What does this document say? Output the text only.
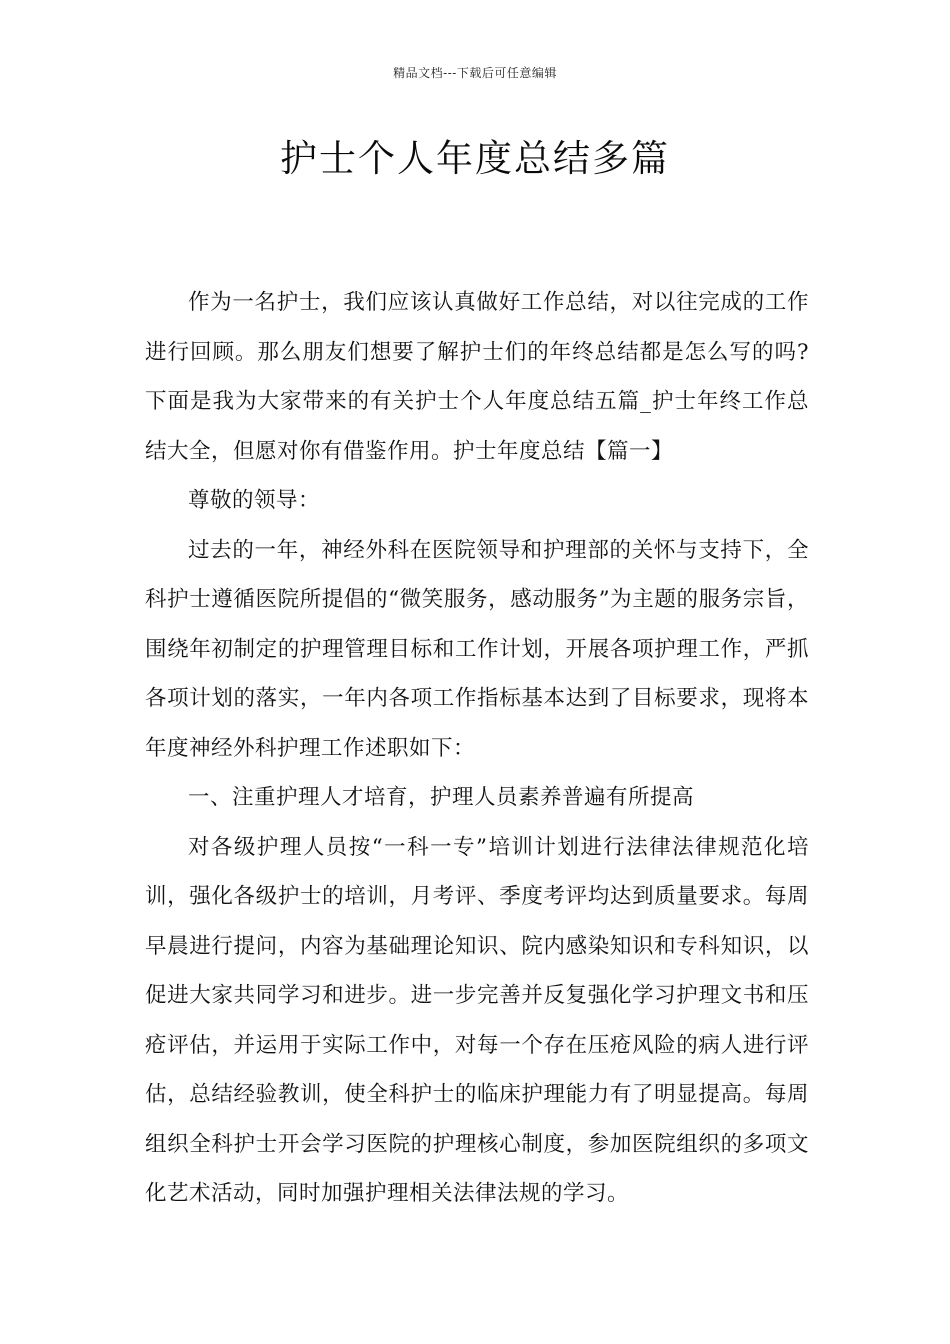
精品文档---下载后可任意编辑
护士个人年度总结多篇

作为一名护士，我们应该认真做好工作总结，对以往完成的工作进行回顾。那么朋友们想要了解护士们的年终总结都是怎么写的吗?下面是我为大家带来的有关护士个人年度总结五篇_护士年终工作总结大全，但愿对你有借鉴作用。护士年度总结【篇一】

尊敬的领导：

过去的一年，神经外科在医院领导和护理部的关怀与支持下，全科护士遵循医院所提倡的“微笑服务，感动服务”为主题的服务宗旨，围绕年初制定的护理管理目标和工作计划，开展各项护理工作，严抓各项计划的落实，一年内各项工作指标基本达到了目标要求，现将本年度神经外科护理工作述职如下：

一、注重护理人才培育，护理人员素养普遍有所提高

对各级护理人员按“一科一专”培训计划进行法律法律规范化培训，强化各级护士的培训，月考评、季度考评均达到质量要求。每周早晨进行提问，内容为基础理论知识、院内感染知识和专科知识，以促进大家共同学习和进步。进一步完善并反复强化学习护理文书和压疮评估，并运用于实际工作中，对每一个存在压疮风险的病人进行评估，总结经验教训，使全科护士的临床护理能力有了明显提高。每周组织全科护士开会学习医院的护理核心制度，参加医院组织的多项文化艺术活动，同时加强护理相关法律法规的学习。
